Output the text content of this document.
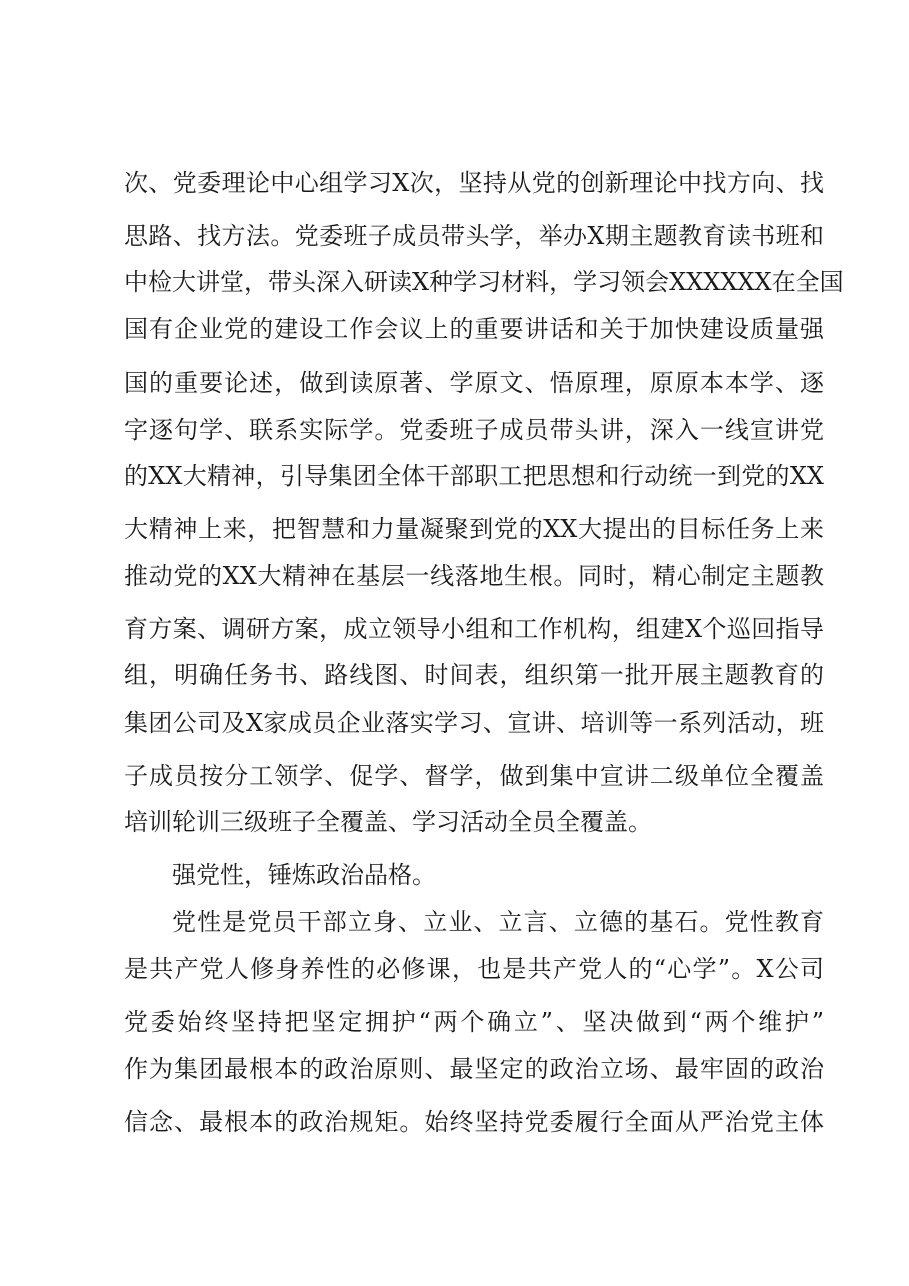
次、党委理论中心组学习X次，坚持从党的创新理论中找方向、找
思路、找方法。党委班子成员带头学，举办X期主题教育读书班和
中检大讲堂，带头深入研读X种学习材料，学习领会XXXXXX在全国
国有企业党的建设工作会议上的重要讲话和关于加快建设质量强
国的重要论述，做到读原著、学原文、悟原理，原原本本学、逐
字逐句学、联系实际学。党委班子成员带头讲，深入一线宣讲党
的XX大精神，引导集团全体干部职工把思想和行动统一到党的XX
大精神上来，把智慧和力量凝聚到党的XX大提出的目标任务上来
推动党的XX大精神在基层一线落地生根。同时，精心制定主题教
育方案、调研方案，成立领导小组和工作机构，组建X个巡回指导
组，明确任务书、路线图、时间表，组织第一批开展主题教育的
集团公司及X家成员企业落实学习、宣讲、培训等一系列活动，班
子成员按分工领学、促学、督学，做到集中宣讲二级单位全覆盖
培训轮训三级班子全覆盖、学习活动全员全覆盖。
强党性，锤炼政治品格。
党性是党员干部立身、立业、立言、立德的基石。党性教育
是共产党人修身养性的必修课，也是共产党人的“心学”。X公司
党委始终坚持把坚定拥护“两个确立”、坚决做到“两个维护”
作为集团最根本的政治原则、最坚定的政治立场、最牢固的政治
信念、最根本的政治规矩。始终坚持党委履行全面从严治党主体
